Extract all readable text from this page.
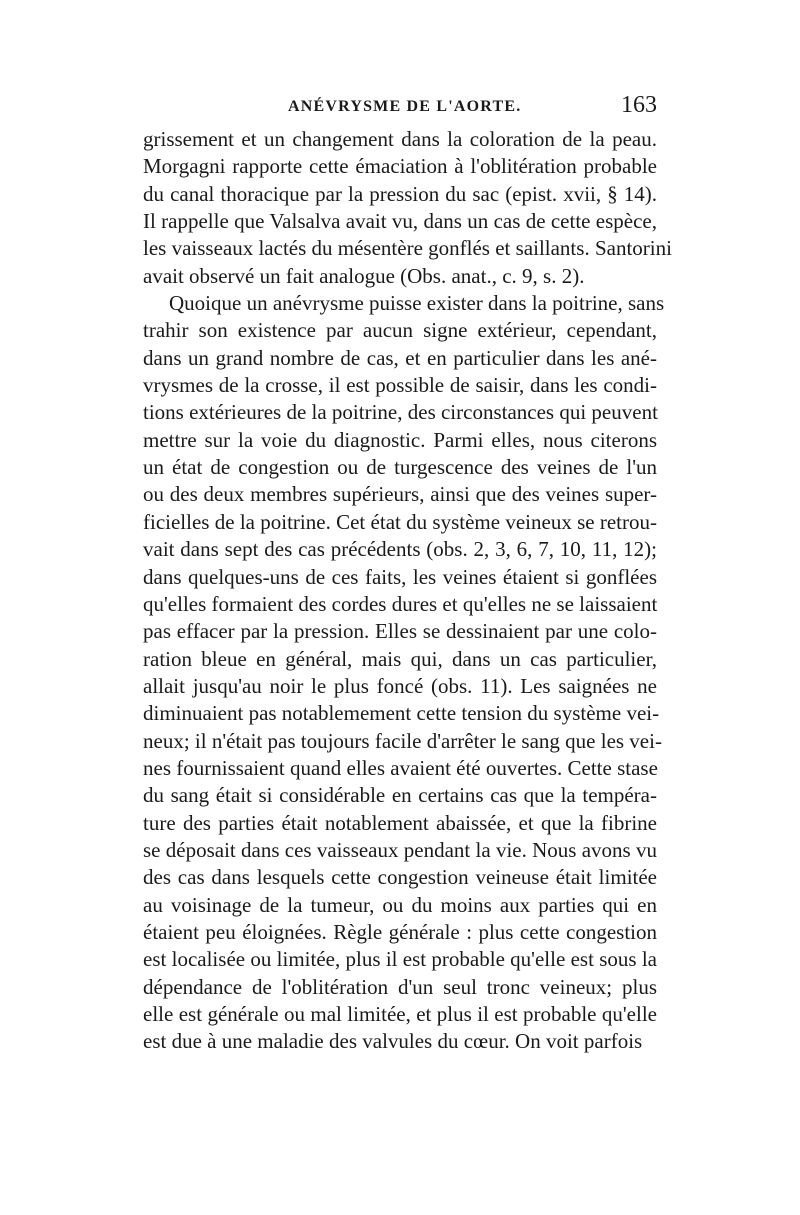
ANÉVRYSME DE L'AORTE.	163

grissement et un changement dans la coloration de la peau.
Morgagni rapporte cette émaciation à l'oblitération probable
du canal thoracique par la pression du sac (epist. xvii, § 14).
Il rappelle que Valsalva avait vu, dans un cas de cette espèce,
les vaisseaux lactés du mésentère gonflés et saillants. Santorini
avait observé un fait analogue (Obs. anat., c. 9, s. 2).

Quoique un anévrysme puisse exister dans la poitrine, sans
trahir son existence par aucun signe extérieur, cependant,
dans un grand nombre de cas, et en particulier dans les ané-
vrysmes de la crosse, il est possible de saisir, dans les condi-
tions extérieures de la poitrine, des circonstances qui peuvent
mettre sur la voie du diagnostic. Parmi elles, nous citerons
un état de congestion ou de turgescence des veines de l'un
ou des deux membres supérieurs, ainsi que des veines super-
ficielles de la poitrine. Cet état du système veineux se retrou-
vait dans sept des cas précédents (obs. 2, 3, 6, 7, 10, 11, 12);
dans quelques-uns de ces faits, les veines étaient si gonflées
qu'elles formaient des cordes dures et qu'elles ne se laissaient
pas effacer par la pression. Elles se dessinaient par une colo-
ration bleue en général, mais qui, dans un cas particulier,
allait jusqu'au noir le plus foncé (obs. 11). Les saignées ne
diminuaient pas notablemement cette tension du système vei-
neux; il n'était pas toujours facile d'arrêter le sang que les vei-
nes fournissaient quand elles avaient été ouvertes. Cette stase
du sang était si considérable en certains cas que la tempéra-
ture des parties était notablement abaissée, et que la fibrine
se déposait dans ces vaisseaux pendant la vie. Nous avons vu
des cas dans lesquels cette congestion veineuse était limitée
au voisinage de la tumeur, ou du moins aux parties qui en
étaient peu éloignées. Règle générale : plus cette congestion
est localisée ou limitée, plus il est probable qu'elle est sous la
dépendance de l'oblitération d'un seul tronc veineux; plus
elle est générale ou mal limitée, et plus il est probable qu'elle
est due à une maladie des valvules du cœur. On voit parfois
